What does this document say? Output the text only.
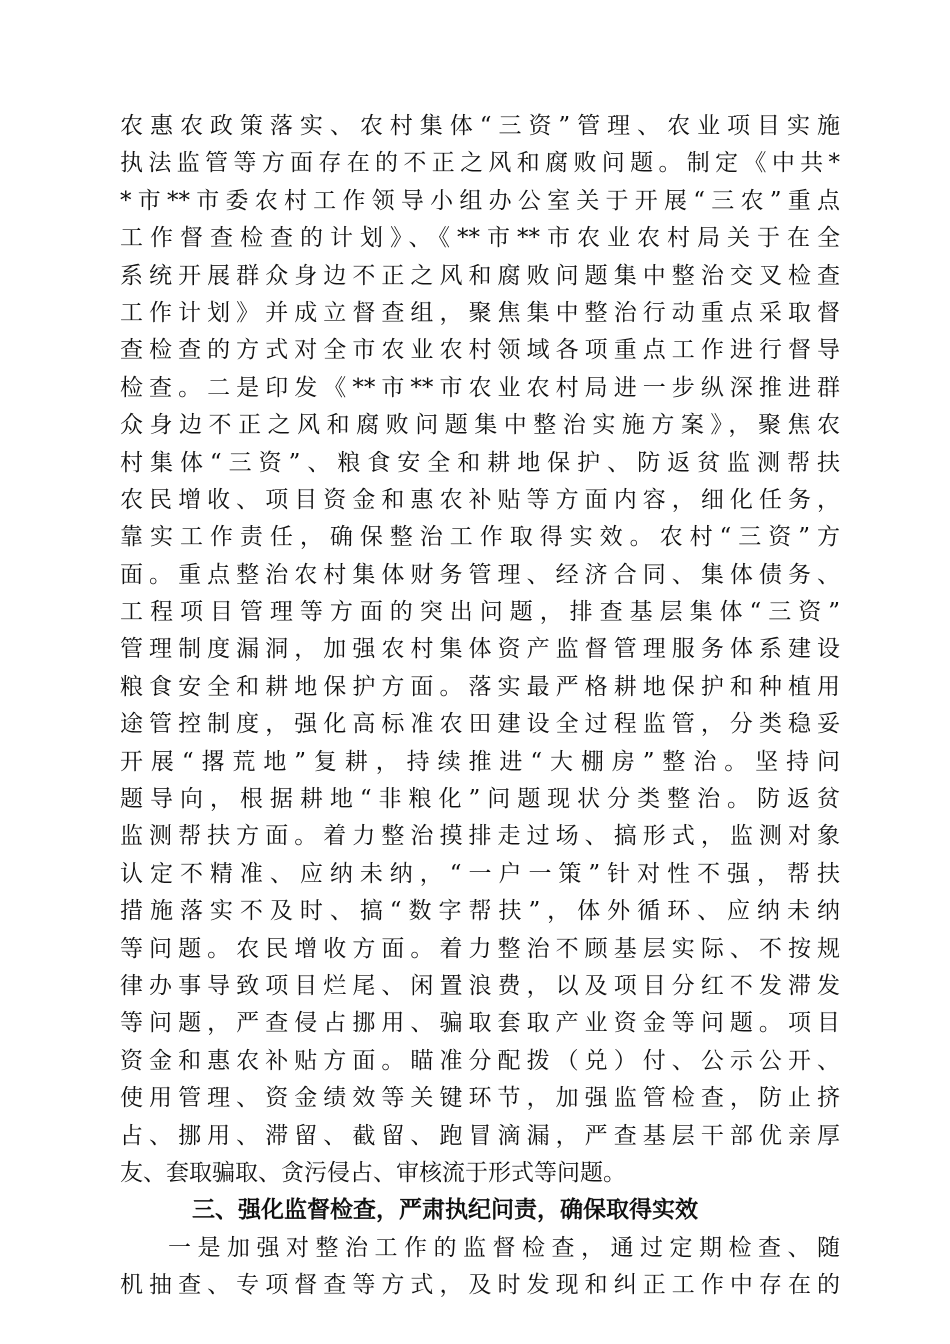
农惠农政策落实、农村集体“三资”管理、农业项目实施
执法监管等方面存在的不正之风和腐败问题。制定《中共*
*市**市委农村工作领导小组办公室关于开展“三农”重点
工作督查检查的计划》、《**市**市农业农村局关于在全
系统开展群众身边不正之风和腐败问题集中整治交叉检查
工作计划》并成立督查组，聚焦集中整治行动重点采取督
查检查的方式对全市农业农村领域各项重点工作进行督导
检查。二是印发《**市**市农业农村局进一步纵深推进群
众身边不正之风和腐败问题集中整治实施方案》，聚焦农
村集体“三资”、粮食安全和耕地保护、防返贫监测帮扶
农民增收、项目资金和惠农补贴等方面内容，细化任务，
靠实工作责任，确保整治工作取得实效。农村“三资”方
面。重点整治农村集体财务管理、经济合同、集体债务、
工程项目管理等方面的突出问题，排查基层集体“三资”
管理制度漏洞，加强农村集体资产监督管理服务体系建设
粮食安全和耕地保护方面。落实最严格耕地保护和种植用
途管控制度，强化高标准农田建设全过程监管，分类稳妥
开展“撂荒地”复耕，持续推进“大棚房”整治。坚持问
题导向，根据耕地“非粮化”问题现状分类整治。防返贫
监测帮扶方面。着力整治摸排走过场、搞形式，监测对象
认定不精准、应纳未纳，“一户一策”针对性不强，帮扶
措施落实不及时、搞“数字帮扶”，体外循环、应纳未纳
等问题。农民增收方面。着力整治不顾基层实际、不按规
律办事导致项目烂尾、闲置浪费，以及项目分红不发滞发
等问题，严查侵占挪用、骗取套取产业资金等问题。项目
资金和惠农补贴方面。瞄准分配拨（兑）付、公示公开、
使用管理、资金绩效等关键环节，加强监管检查，防止挤
占、挪用、滞留、截留、跑冒滴漏，严查基层干部优亲厚
友、套取骗取、贪污侵占、审核流于形式等问题。
三、强化监督检查，严肃执纪问责，确保取得实效
一是加强对整治工作的监督检查，通过定期检查、随
机抽查、专项督查等方式，及时发现和纠正工作中存在的
